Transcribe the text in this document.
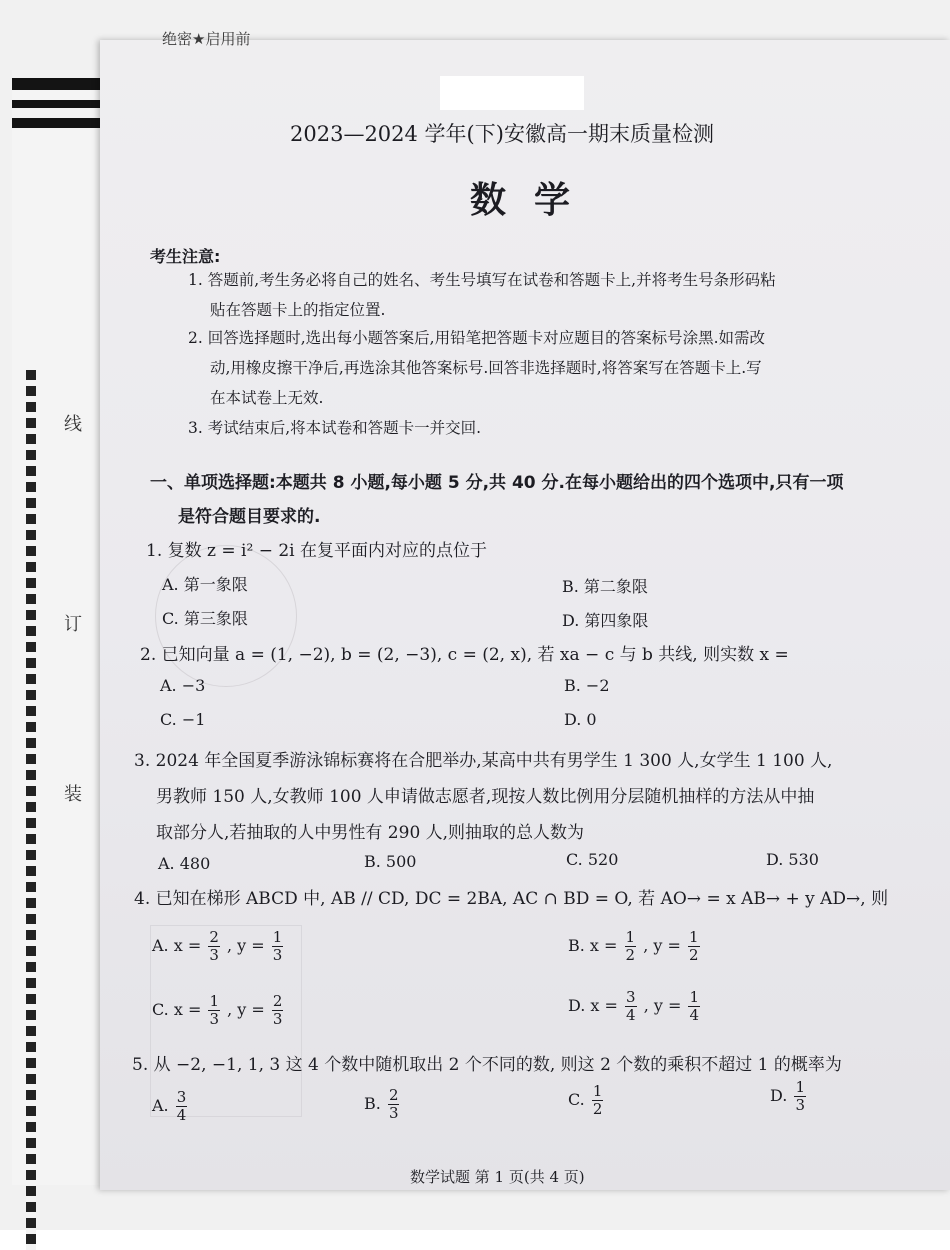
线
订
装
绝密★启用前
2023—2024 学年(下)安徽高一期末质量检测
数学
考生注意:
1. 答题前,考生务必将自己的姓名、考生号填写在试卷和答题卡上,并将考生号条形码粘
贴在答题卡上的指定位置.
2. 回答选择题时,选出每小题答案后,用铅笔把答题卡对应题目的答案标号涂黑.如需改
动,用橡皮擦干净后,再选涂其他答案标号.回答非选择题时,将答案写在答题卡上.写
在本试卷上无效.
3. 考试结束后,将本试卷和答题卡一并交回.
一、单项选择题:本题共 8 小题,每小题 5 分,共 40 分.在每小题给出的四个选项中,只有一项
是符合题目要求的.
1. 复数 z = i² − 2i 在复平面内对应的点位于
A. 第一象限	B. 第二象限
C. 第三象限	D. 第四象限
2. 已知向量 a = (1, −2), b = (2, −3), c = (2, x), 若 xa − c 与 b 共线, 则实数 x =
A. −3	B. −2
C. −1	D. 0
3. 2024 年全国夏季游泳锦标赛将在合肥举办,某高中共有男学生 1 300 人,女学生 1 100 人,
男教师 150 人,女教师 100 人申请做志愿者,现按人数比例用分层随机抽样的方法从中抽
取部分人,若抽取的人中男性有 290 人,则抽取的总人数为
A. 480	B. 500	C. 520	D. 530
4. 已知在梯形 ABCD 中, AB // CD, DC = 2BA, AC ∩ BD = O, 若 AO→ = x AB→ + y AD→, 则
A. $x = \frac{2}{3}$ , $y = \frac{1}{3}$	B. $x = \frac{1}{2}$ , $y = \frac{1}{2}$
C. $x = \frac{1}{3}$ , $y = \frac{2}{3}$	D. $x = \frac{3}{4}$ , $y = \frac{1}{4}$
5. 从 −2, −1, 1, 3 这 4 个数中随机取出 2 个不同的数, 则这 2 个数的乘积不超过 1 的概率为
A. $\frac{3}{4}$	B. $\frac{2}{3}$	C. $\frac{1}{2}$	D. $\frac{1}{3}$
数学试题 第 1 页(共 4 页)
